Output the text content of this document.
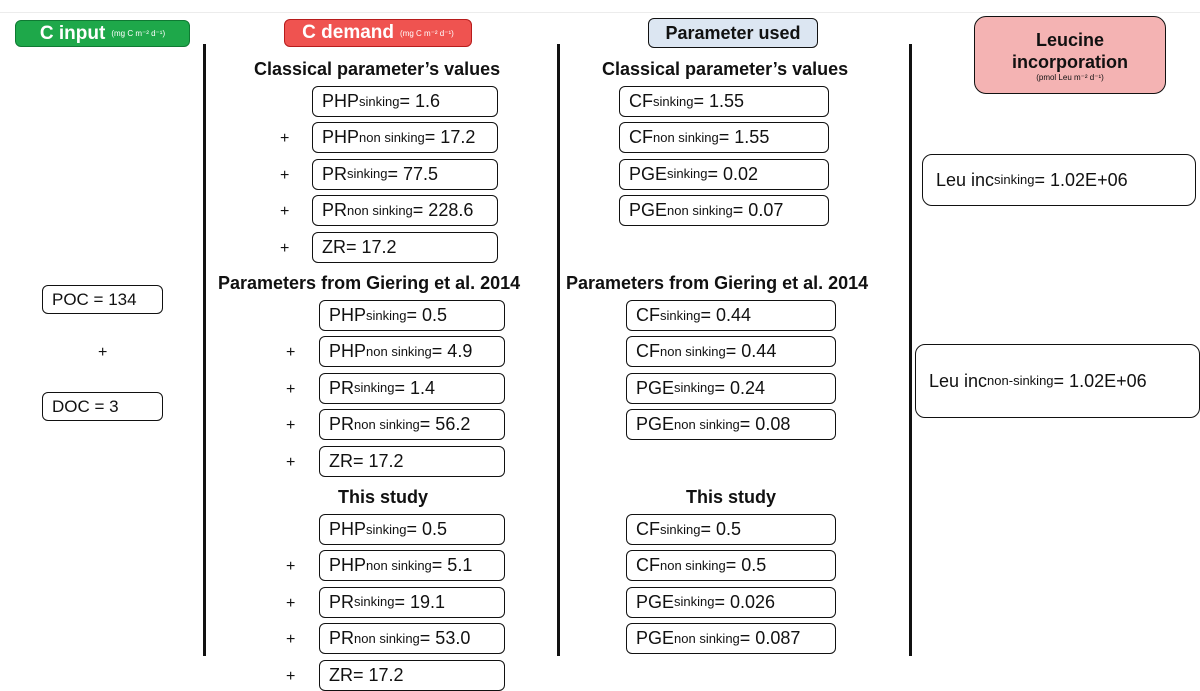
C input (mg C m⁻² d⁻¹)	C demand (mg C m⁻² d⁻¹)	Parameter used	Leucine
incorporation
(pmol Leu m⁻² d⁻¹)
POC = 134
+
DOC = 3
Classical parameter’s values	Classical parameter’s values
Parameters from Giering et al. 2014	Parameters from Giering et al. 2014
This study	This study
PHP sinking = 1.6
PHP non sinking = 17.2
+
PR sinking = 77.5
+
PR non sinking = 228.6
+
ZR = 17.2
+
CF sinking = 1.55
CF non sinking = 1.55
PGE sinking = 0.02
PGE non sinking = 0.07
PHP sinking = 0.5
PHP non sinking = 4.9
+
PR sinking = 1.4
+
PR non sinking = 56.2
+
ZR = 17.2
+
CF sinking = 0.44
CF non sinking = 0.44
PGE sinking = 0.24
PGE non sinking = 0.08
PHP sinking = 0.5
PHP non sinking = 5.1
+
PR sinking = 19.1
+
PR non sinking = 53.0
+
ZR = 17.2
+
CF sinking = 0.5
CF non sinking = 0.5
PGE sinking = 0.026
PGE non sinking = 0.087
Leu inc sinking = 1.02E+06
Leu inc non-sinking = 1.02E+06
